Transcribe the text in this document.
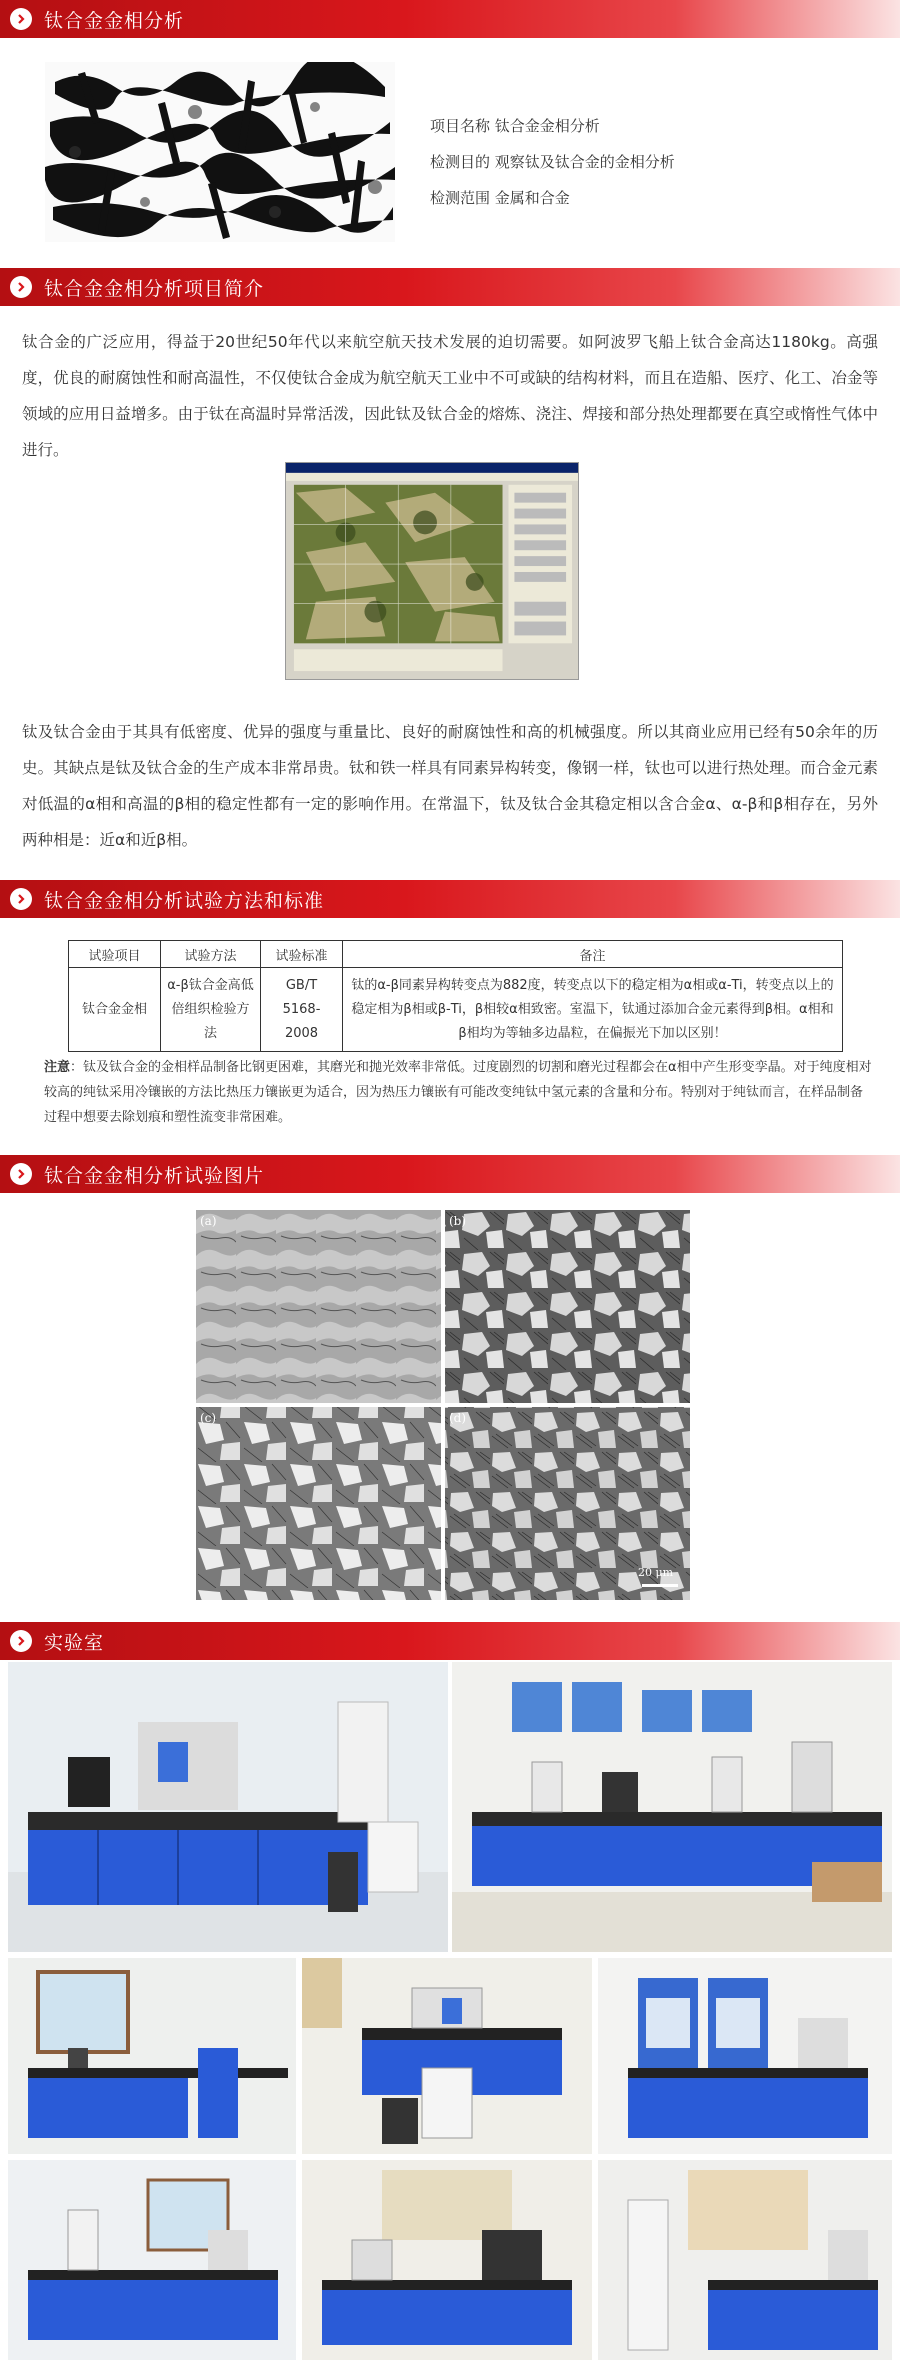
钛合金金相分析
项目名称 钛合金金相分析
检测目的 观察钛及钛合金的金相分析
检测范围 金属和合金
钛合金金相分析项目简介
钛合金的广泛应用，得益于20世纪50年代以来航空航天技术发展的迫切需要。如阿波罗飞船上钛合金高达1180kg。高强度，优良的耐腐蚀性和耐高温性，不仅使钛合金成为航空航天工业中不可或缺的结构材料，而且在造船、医疗、化工、冶金等领域的应用日益增多。由于钛在高温时异常活泼，因此钛及钛合金的熔炼、浇注、焊接和部分热处理都要在真空或惰性气体中进行。
钛及钛合金由于其具有低密度、优异的强度与重量比、良好的耐腐蚀性和高的机械强度。所以其商业应用已经有50余年的历史。其缺点是钛及钛合金的生产成本非常昂贵。钛和铁一样具有同素异构转变，像钢一样，钛也可以进行热处理。而合金元素对低温的α相和高温的β相的稳定性都有一定的影响作用。在常温下，钛及钛合金其稳定相以含合金α、α-β和β相存在，另外两种相是：近α和近β相。
钛合金金相分析试验方法和标准
试验项目	试验方法	试验标准	备注
钛合金金相	α-β钛合金高低倍组织检验方法	GB/T 5168-2008	钛的α-β同素异构转变点为882度，转变点以下的稳定相为α相或α-Ti，转变点以上的稳定相为β相或β-Ti，β相较α相致密。室温下，钛通过添加合金元素得到β相。α相和β相均为等轴多边晶粒，在偏振光下加以区别！
注意：钛及钛合金的金相样品制备比钢更困难，其磨光和抛光效率非常低。过度剧烈的切割和磨光过程都会在α相中产生形变孪晶。对于纯度相对较高的纯钛采用冷镶嵌的方法比热压力镶嵌更为适合，因为热压力镶嵌有可能改变纯钛中氢元素的含量和分布。特别对于纯钛而言，在样品制备过程中想要去除划痕和塑性流变非常困难。
钛合金金相分析试验图片
(a)	(b)
(c)	(d)
20 μm
实验室
